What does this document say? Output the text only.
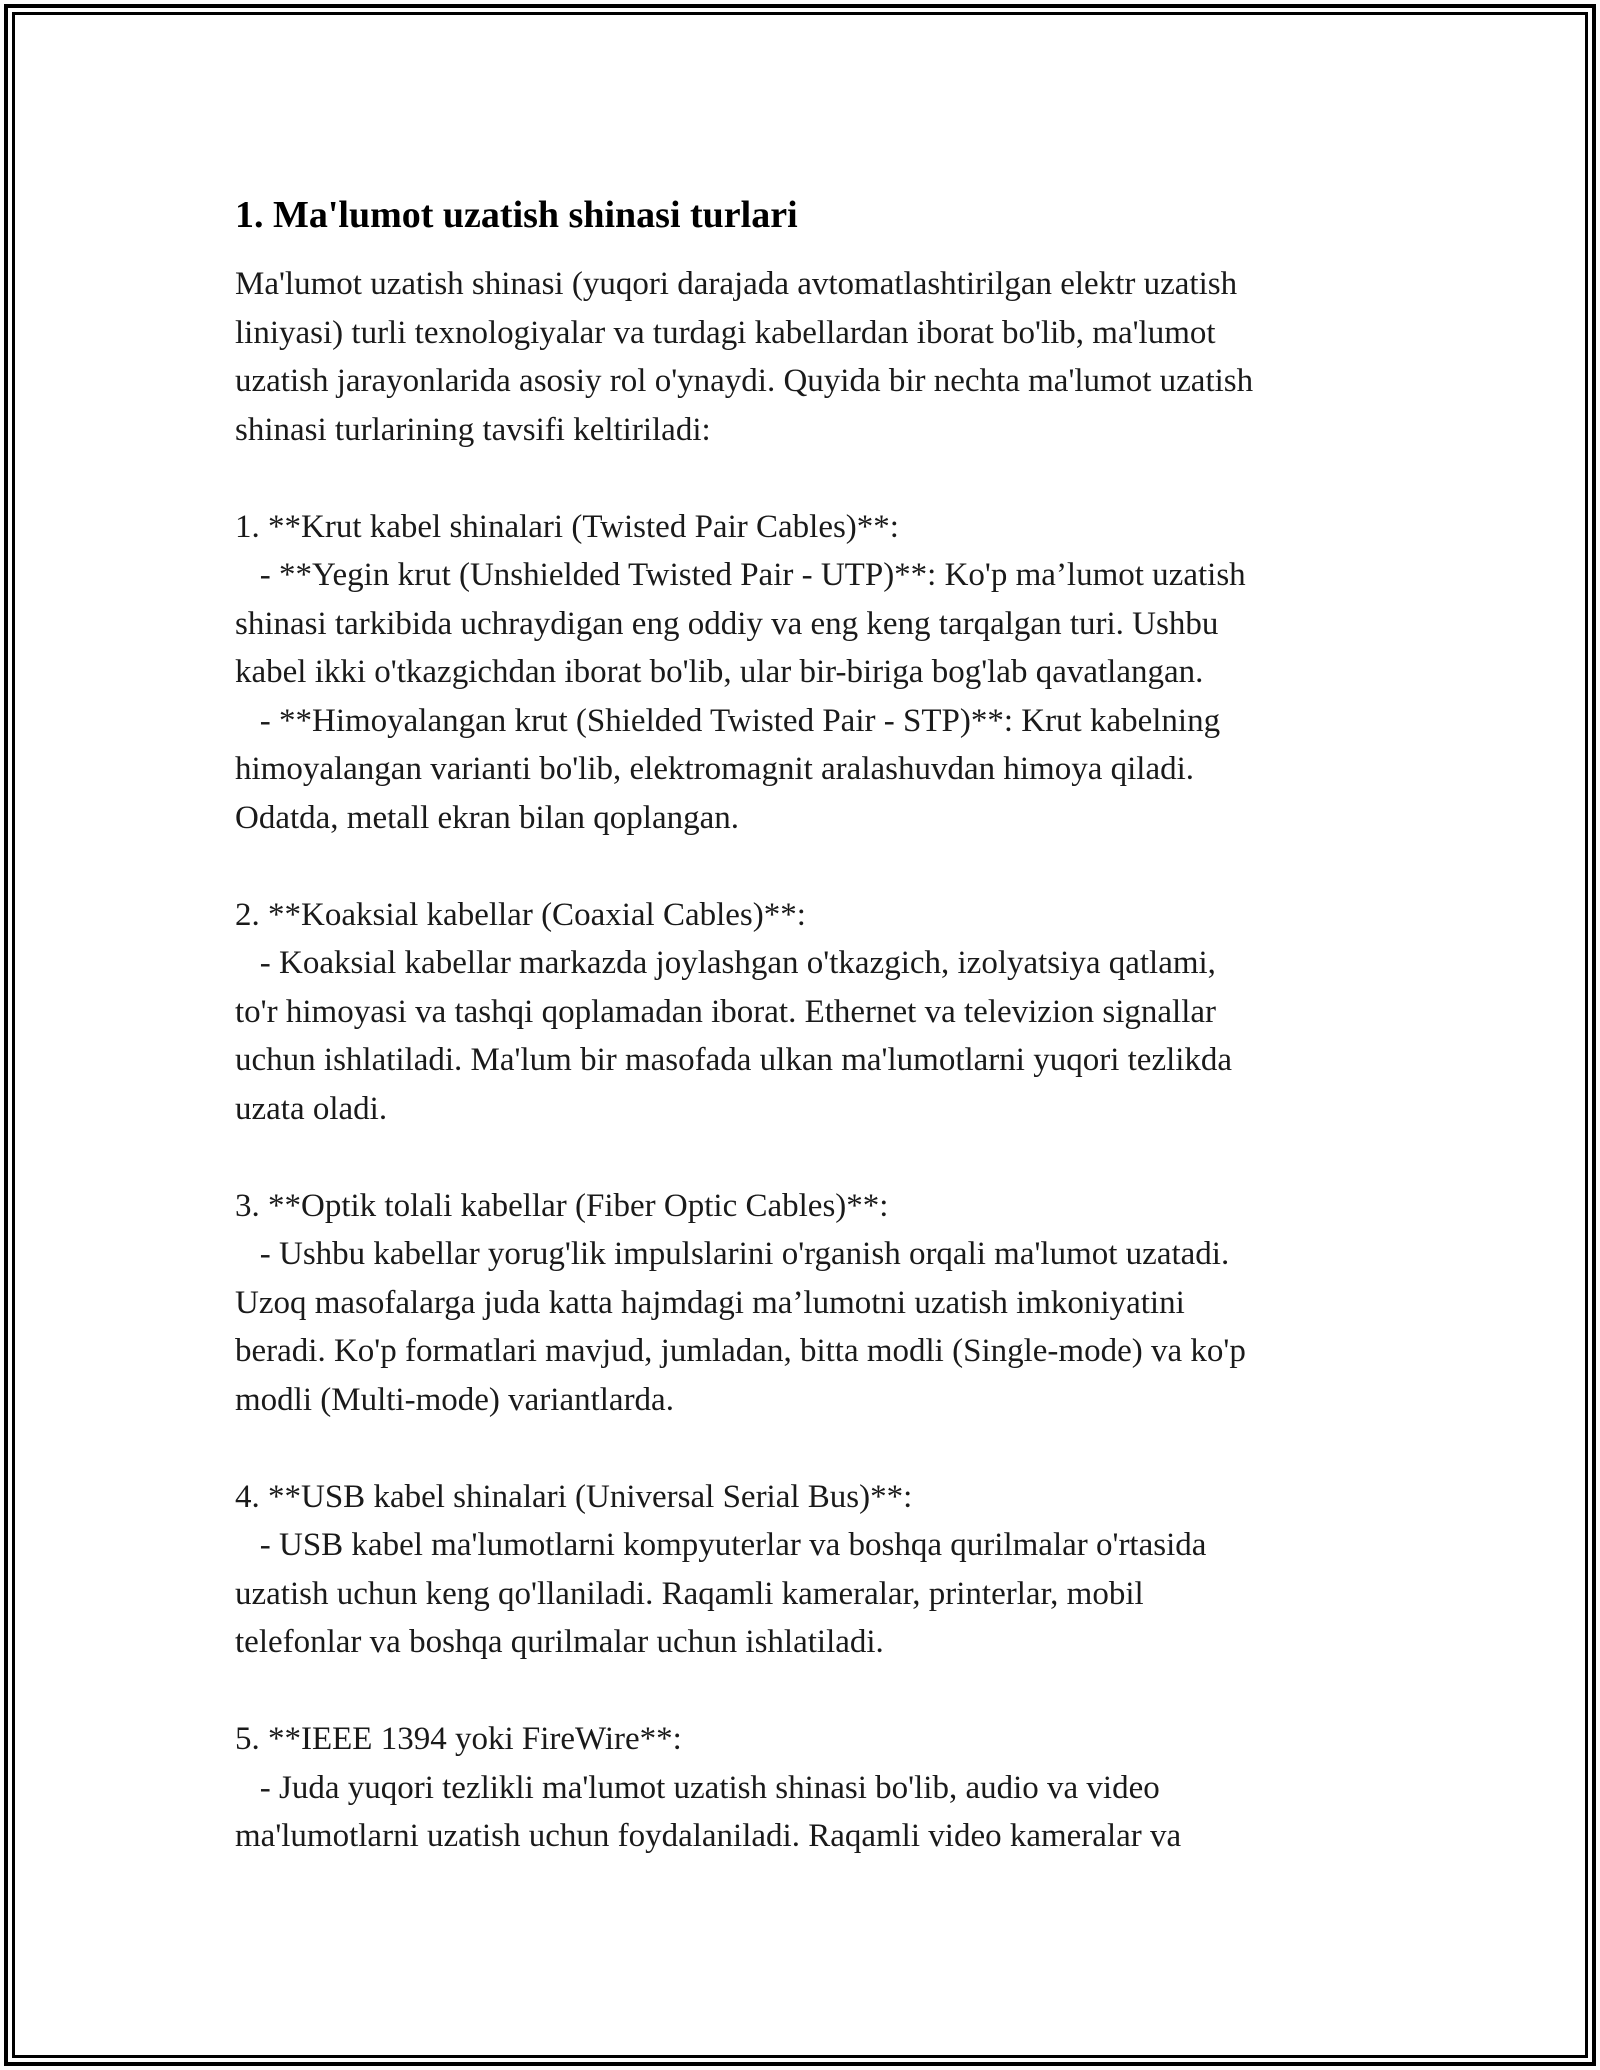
1. Ma'lumot uzatish shinasi turlari
Ma'lumot uzatish shinasi (yuqori darajada avtomatlashtirilgan elektr uzatish
liniyasi) turli texnologiyalar va turdagi kabellardan iborat bo'lib, ma'lumot
uzatish jarayonlarida asosiy rol o'ynaydi. Quyida bir nechta ma'lumot uzatish
shinasi turlarining tavsifi keltiriladi:

1. **Krut kabel shinalari (Twisted Pair Cables)**:
- **Yegin krut (Unshielded Twisted Pair - UTP)**: Ko'p ma’lumot uzatish
shinasi tarkibida uchraydigan eng oddiy va eng keng tarqalgan turi. Ushbu
kabel ikki o'tkazgichdan iborat bo'lib, ular bir-biriga bog'lab qavatlangan.
- **Himoyalangan krut (Shielded Twisted Pair - STP)**: Krut kabelning
himoyalangan varianti bo'lib, elektromagnit aralashuvdan himoya qiladi.
Odatda, metall ekran bilan qoplangan.

2. **Koaksial kabellar (Coaxial Cables)**:
- Koaksial kabellar markazda joylashgan o'tkazgich, izolyatsiya qatlami,
to'r himoyasi va tashqi qoplamadan iborat. Ethernet va televizion signallar
uchun ishlatiladi. Ma'lum bir masofada ulkan ma'lumotlarni yuqori tezlikda
uzata oladi.

3. **Optik tolali kabellar (Fiber Optic Cables)**:
- Ushbu kabellar yorug'lik impulslarini o'rganish orqali ma'lumot uzatadi.
Uzoq masofalarga juda katta hajmdagi ma’lumotni uzatish imkoniyatini
beradi. Ko'p formatlari mavjud, jumladan, bitta modli (Single-mode) va ko'p
modli (Multi-mode) variantlarda.

4. **USB kabel shinalari (Universal Serial Bus)**:
- USB kabel ma'lumotlarni kompyuterlar va boshqa qurilmalar o'rtasida
uzatish uchun keng qo'llaniladi. Raqamli kameralar, printerlar, mobil
telefonlar va boshqa qurilmalar uchun ishlatiladi.

5. **IEEE 1394 yoki FireWire**:
- Juda yuqori tezlikli ma'lumot uzatish shinasi bo'lib, audio va video
ma'lumotlarni uzatish uchun foydalaniladi. Raqamli video kameralar va
